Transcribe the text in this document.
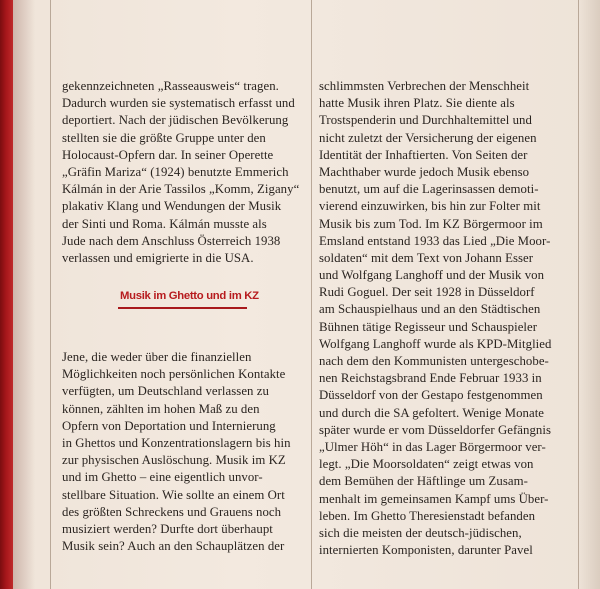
gekennzeichneten „Rasseausweis“ tragen.
Dadurch wurden sie systematisch erfasst und
deportiert. Nach der jüdischen Bevölkerung
stellten sie die größte Gruppe unter den
Holocaust-Opfern dar. In seiner Operette
„Gräfin Mariza“ (1924) benutzte Emmerich
Kálmán in der Arie Tassilos „Komm, Zigany“
plakativ Klang und Wendungen der Musik
der Sinti und Roma. Kálmán musste als
Jude nach dem Anschluss Österreich 1938
verlassen und emigrierte in die USA.
Musik im Ghetto und im KZ
Jene, die weder über die finanziellen
Möglichkeiten noch persönlichen Kontakte
verfügten, um Deutschland verlassen zu
können, zählten im hohen Maß zu den
Opfern von Deportation und Internierung
in Ghettos und Konzentrationslagern bis hin
zur physischen Auslöschung. Musik im KZ
und im Ghetto – eine eigentlich unvor-
stellbare Situation. Wie sollte an einem Ort
des größten Schreckens und Grauens noch
musiziert werden? Durfte dort überhaupt
Musik sein? Auch an den Schauplätzen der
schlimmsten Verbrechen der Menschheit
hatte Musik ihren Platz. Sie diente als
Trostspenderin und Durchhaltemittel und
nicht zuletzt der Versicherung der eigenen
Identität der Inhaftierten. Von Seiten der
Machthaber wurde jedoch Musik ebenso
benutzt, um auf die Lagerinsassen demoti-
vierend einzuwirken, bis hin zur Folter mit
Musik bis zum Tod. Im KZ Börgermoor im
Emsland entstand 1933 das Lied „Die Moor-
soldaten“ mit dem Text von Johann Esser
und Wolfgang Langhoff und der Musik von
Rudi Goguel. Der seit 1928 in Düsseldorf
am Schauspielhaus und an den Städtischen
Bühnen tätige Regisseur und Schauspieler
Wolfgang Langhoff wurde als KPD-Mitglied
nach dem den Kommunisten untergeschobe-
nen Reichstagsbrand Ende Februar 1933 in
Düsseldorf von der Gestapo festgenommen
und durch die SA gefoltert. Wenige Monate
später wurde er vom Düsseldorfer Gefängnis
„Ulmer Höh“ in das Lager Börgermoor ver-
legt. „Die Moorsoldaten“ zeigt etwas von
dem Bemühen der Häftlinge um Zusam-
menhalt im gemeinsamen Kampf ums Über-
leben. Im Ghetto Theresienstadt befanden
sich die meisten der deutsch-jüdischen,
internierten Komponisten, darunter Pavel
